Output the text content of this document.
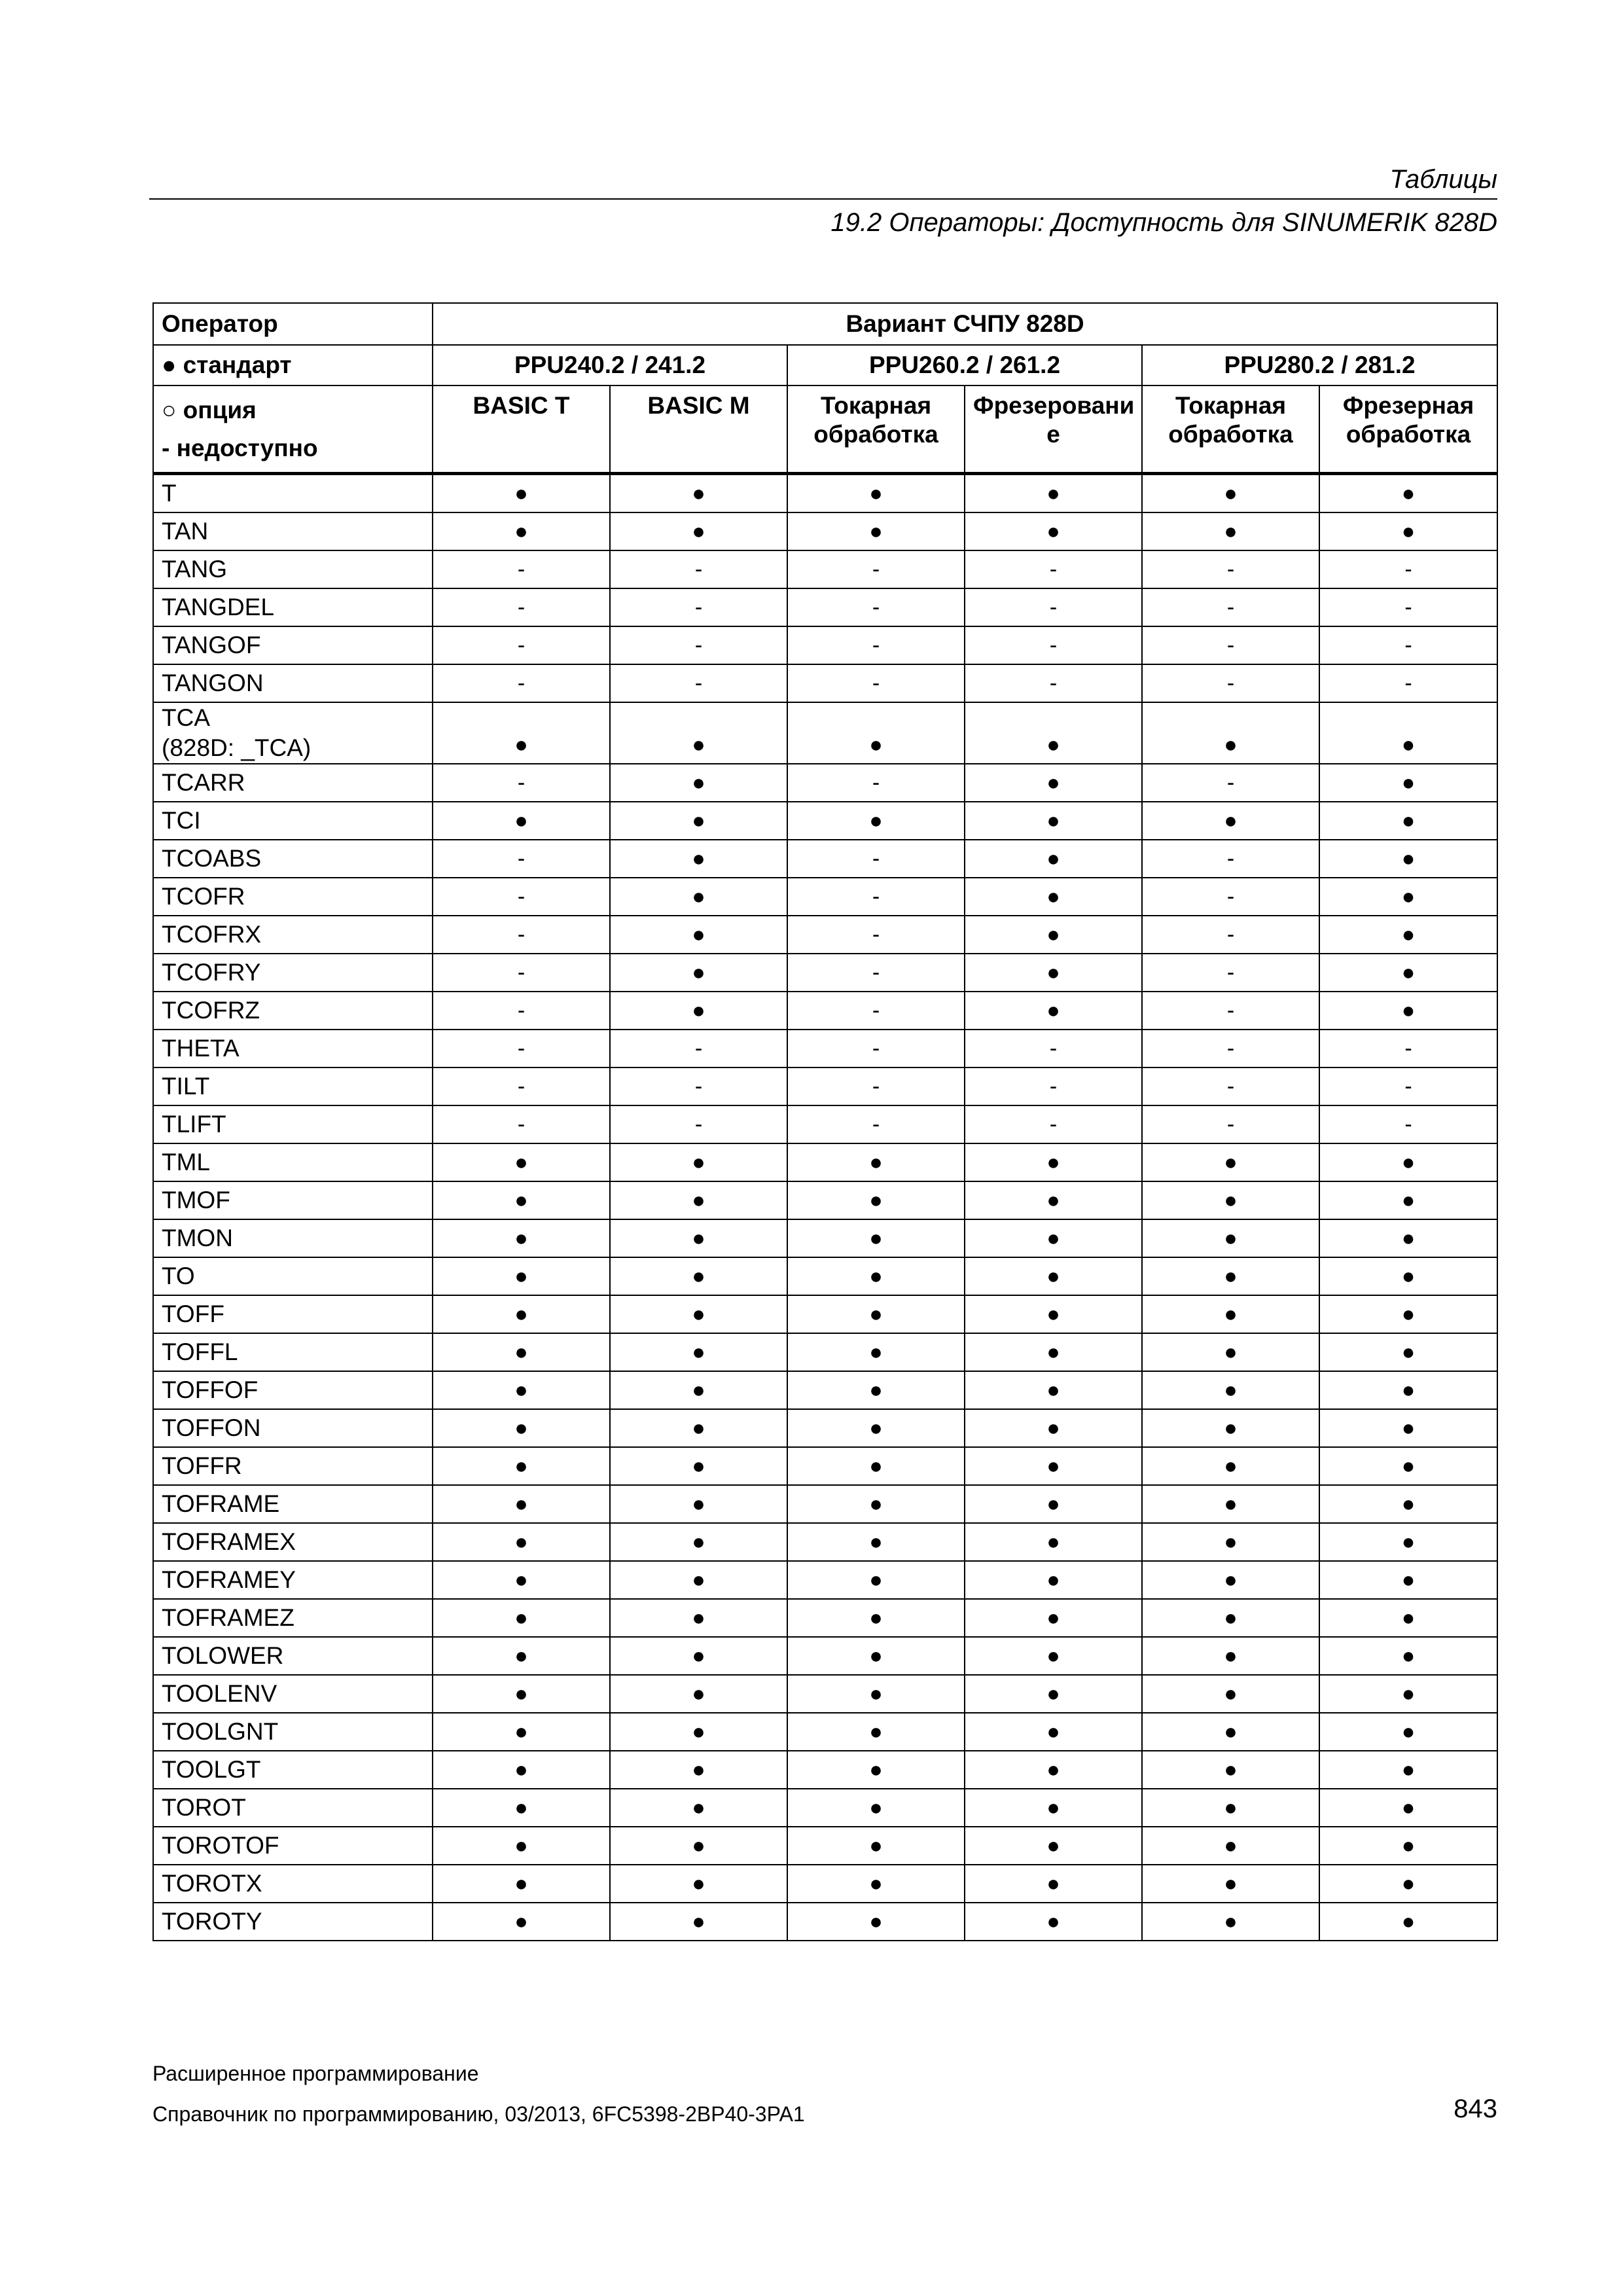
Таблицы
19.2 Операторы: Доступность для SINUMERIK 828D
Оператор	Вариант СЧПУ 828D					
● стандарт	PPU240.2 / 241.2		PPU260.2 / 261.2		PPU280.2 / 281.2	

○ опция
- недоступно	BASIC T	BASIC M	Токарная обработка	Фрезеровани е	Токарная обработка	Фрезерная обработка

T	●	●	●	●	●	●

TAN	●	●	●	●	●	●

TANG	-	-	-	-	-	-

TANGDEL	-	-	-	-	-	-

TANGOF	-	-	-	-	-	-

TANGON	-	-	-	-	-	-

TCA
(828D: _TCA)	●	●	●	●	●	●

TCARR	-	●	-	●	-	●

TCI	●	●	●	●	●	●

TCOABS	-	●	-	●	-	●

TCOFR	-	●	-	●	-	●

TCOFRX	-	●	-	●	-	●

TCOFRY	-	●	-	●	-	●

TCOFRZ	-	●	-	●	-	●

THETA	-	-	-	-	-	-

TILT	-	-	-	-	-	-

TLIFT	-	-	-	-	-	-

TML	●	●	●	●	●	●

TMOF	●	●	●	●	●	●

TMON	●	●	●	●	●	●

TO	●	●	●	●	●	●

TOFF	●	●	●	●	●	●

TOFFL	●	●	●	●	●	●

TOFFOF	●	●	●	●	●	●

TOFFON	●	●	●	●	●	●

TOFFR	●	●	●	●	●	●

TOFRAME	●	●	●	●	●	●

TOFRAMEX	●	●	●	●	●	●

TOFRAMEY	●	●	●	●	●	●

TOFRAMEZ	●	●	●	●	●	●

TOLOWER	●	●	●	●	●	●

TOOLENV	●	●	●	●	●	●

TOOLGNT	●	●	●	●	●	●

TOOLGT	●	●	●	●	●	●

TOROT	●	●	●	●	●	●

TOROTOF	●	●	●	●	●	●

TOROTX	●	●	●	●	●	●

TOROTY	●	●	●	●	●	●
Расширенное программирование
Справочник по программированию, 03/2013, 6FC5398-2BP40-3PA1	843
